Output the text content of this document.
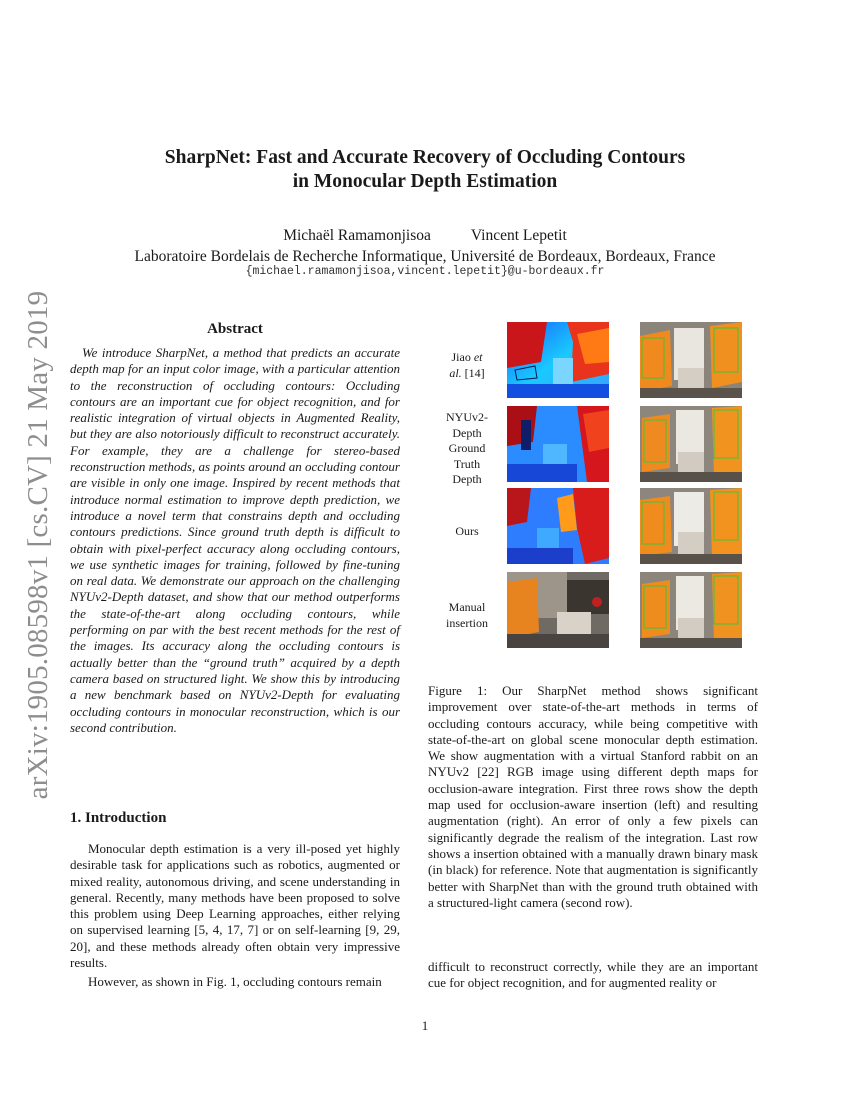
arXiv:1905.08598v1 [cs.CV] 21 May 2019
SharpNet: Fast and Accurate Recovery of Occluding Contours
in Monocular Depth Estimation
Michaël Ramamonjisoa	Vincent Lepetit
Laboratoire Bordelais de Recherche Informatique, Université de Bordeaux, Bordeaux, France
{michael.ramamonjisoa,vincent.lepetit}@u-bordeaux.fr
Abstract
We introduce SharpNet, a method that predicts an accurate depth map for an input color image, with a particular attention to the reconstruction of occluding contours: Occluding contours are an important cue for object recognition, and for realistic integration of virtual objects in Augmented Reality, but they are also notoriously difficult to reconstruct accurately. For example, they are a challenge for stereo-based reconstruction methods, as points around an occluding contour are visible in only one image. Inspired by recent methods that introduce normal estimation to improve depth prediction, we introduce a novel term that constrains depth and occluding contours predictions. Since ground truth depth is difficult to obtain with pixel-perfect accuracy along occluding contours, we use synthetic images for training, followed by fine-tuning on real data. We demonstrate our approach on the challenging NYUv2-Depth dataset, and show that our method outperforms the state-of-the-art along occluding contours, while performing on par with the best recent methods for the rest of the images. Its accuracy along the occluding contours is actually better than the “ground truth” acquired by a depth camera based on structured light. We show this by introducing a new benchmark based on NYUv2-Depth for evaluating occluding contours in monocular reconstruction, which is our second contribution.
1. Introduction
Monocular depth estimation is a very ill-posed yet highly desirable task for applications such as robotics, augmented or mixed reality, autonomous driving, and scene understanding in general. Recently, many methods have been proposed to solve this problem using Deep Learning approaches, either relying on supervised learning [5, 4, 17, 7] or on self-learning [9, 29, 20], and these methods already often obtain very impressive results.
However, as shown in Fig. 1, occluding contours remain
Jiao et
al. [14]
NYUv2-
Depth
Ground
Truth
Depth
Ours
Manual
insertion
Figure 1: Our SharpNet method shows significant improvement over state-of-the-art methods in terms of occluding contours accuracy, while being competitive with state-of-the-art on global scene monocular depth estimation. We show augmentation with a virtual Stanford rabbit on an NYUv2 [22] RGB image using different depth maps for occlusion-aware integration. First three rows show the depth map used for occlusion-aware insertion (left) and resulting augmentation (right). An error of only a few pixels can significantly degrade the realism of the integration. Last row shows a insertion obtained with a manually drawn binary mask (in black) for reference. Note that augmentation is significantly better with SharpNet than with the ground truth obtained with a structured-light camera (second row).
difficult to reconstruct correctly, while they are an important cue for object recognition, and for augmented reality or
1
